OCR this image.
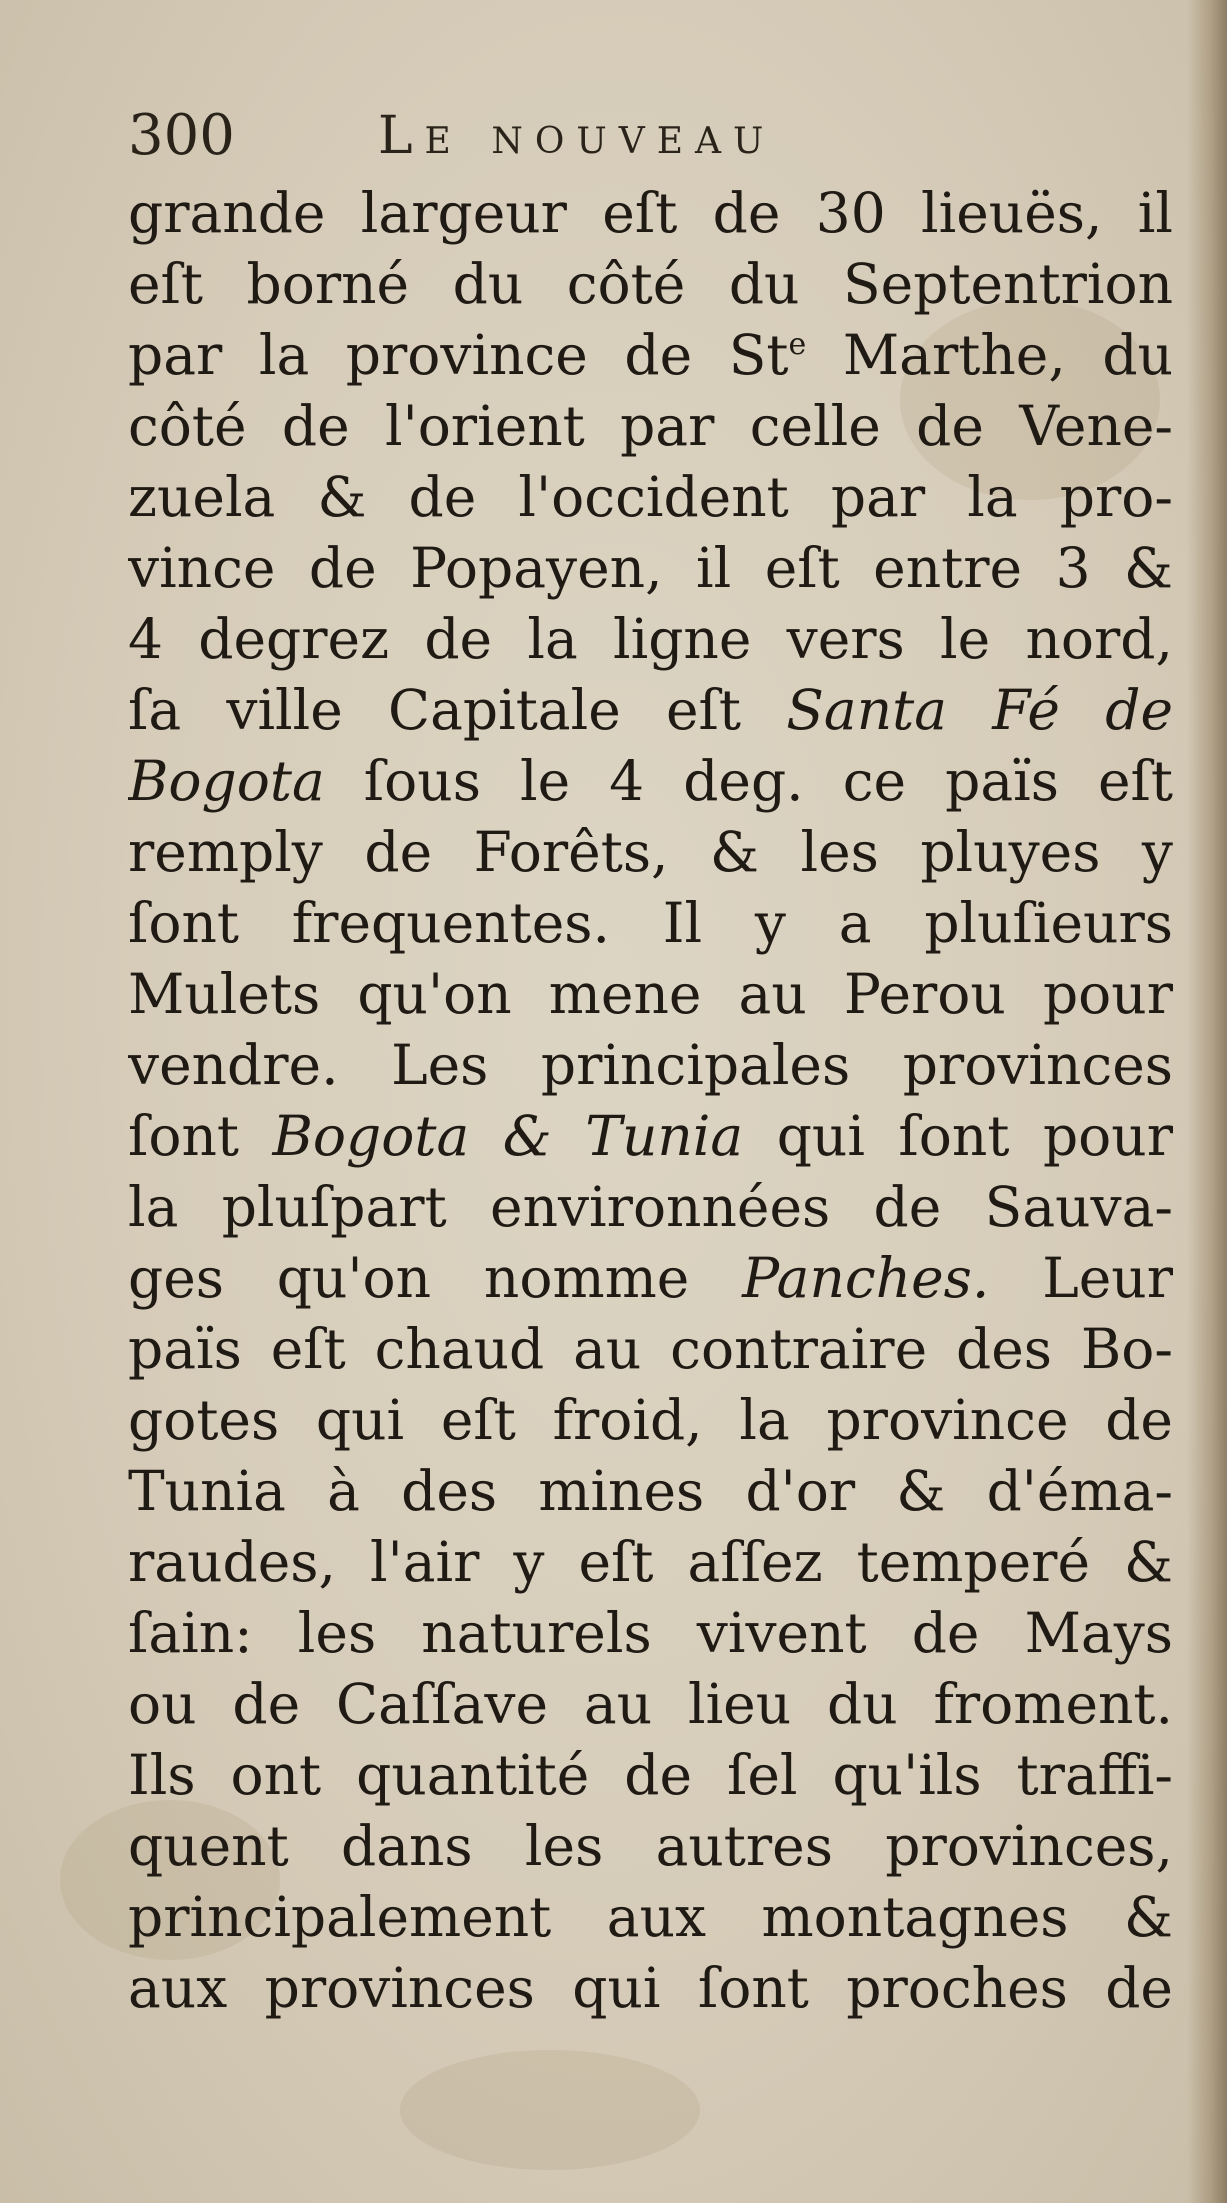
300	Le nouveau
grande largeur eſt de 30 lieuës, il
eſt borné du côté du Septentrion
par la province de St$^e$ Marthe, du
côté de l'orient par celle de Vene-
zuela & de l'occident par la pro-
vince de Popayen, il eſt entre 3 &
4 degrez de la ligne vers le nord,
ſa ville Capitale eſt Santa Fé de
Bogota ſous le 4 deg. ce païs eſt
remply de Forêts, & les pluyes y
ſont frequentes. Il y a pluſieurs
Mulets qu'on mene au Perou pour
vendre. Les principales provinces
ſont Bogota & Tunia qui ſont pour
la pluſpart environnées de Sauva-
ges qu'on nomme Panches. Leur
païs eſt chaud au contraire des Bo-
gotes qui eſt froid, la province de
Tunia à des mines d'or & d'éma-
raudes, l'air y eſt aſſez temperé &
ſain: les naturels vivent de Mays
ou de Caſſave au lieu du froment.
Ils ont quantité de ſel qu'ils traffi-
quent dans les autres provinces,
principalement aux montagnes &
aux provinces qui ſont proches de
